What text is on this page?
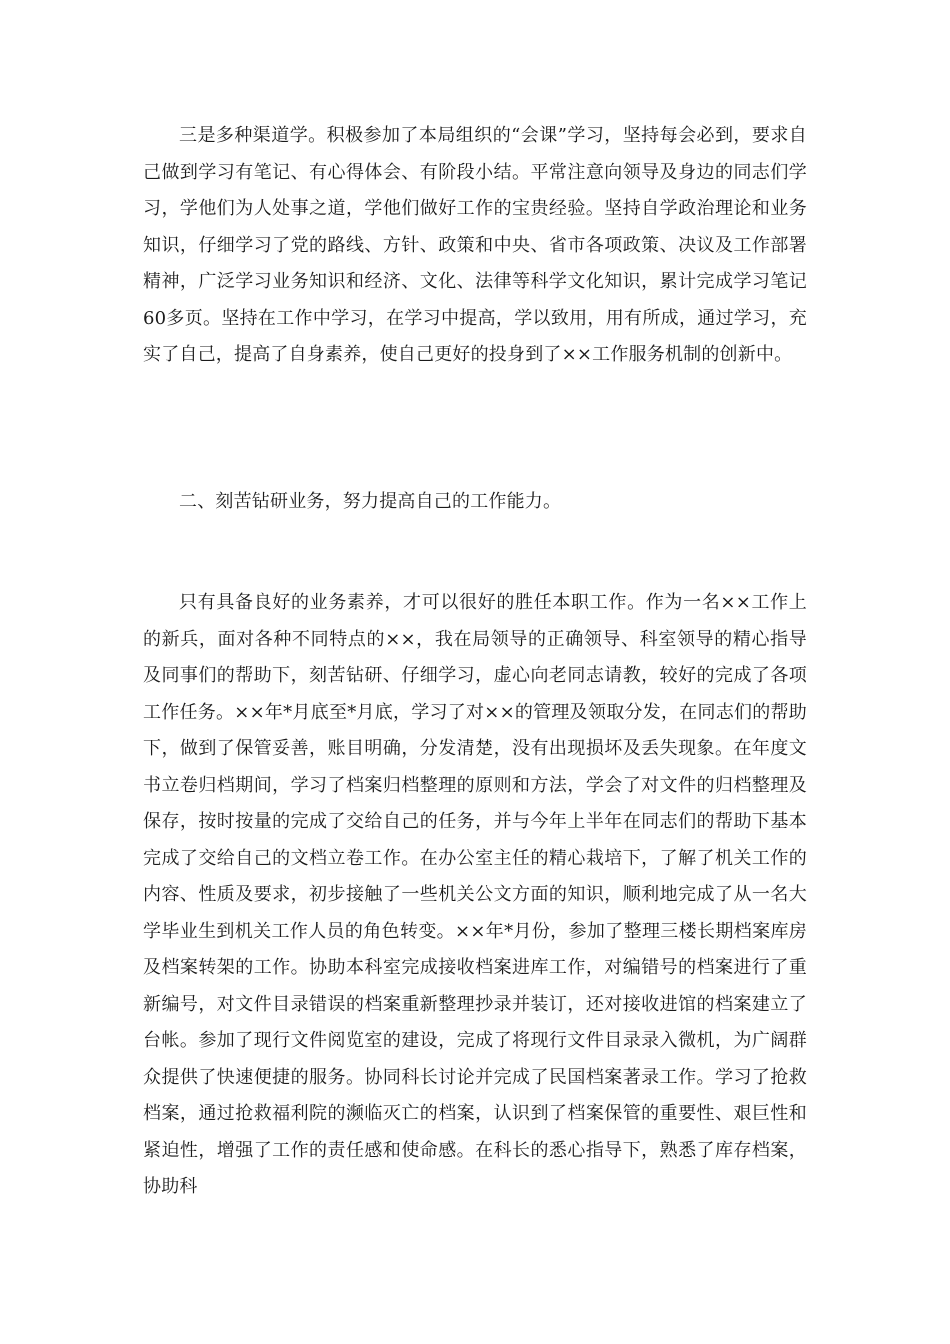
三是多种渠道学。积极参加了本局组织的“会课”学习，坚持每会必到，要求自己做到学习有笔记、有心得体会、有阶段小结。平常注意向领导及身边的同志们学习，学他们为人处事之道，学他们做好工作的宝贵经验。坚持自学政治理论和业务知识，仔细学习了党的路线、方针、政策和中央、省市各项政策、决议及工作部署精神，广泛学习业务知识和经济、文化、法律等科学文化知识，累计完成学习笔记60多页。坚持在工作中学习，在学习中提高，学以致用，用有所成，通过学习，充实了自己，提高了自身素养，使自己更好的投身到了××工作服务机制的创新中。

二、刻苦钻研业务，努力提高自己的工作能力。

只有具备良好的业务素养，才可以很好的胜任本职工作。作为一名××工作上的新兵，面对各种不同特点的××，我在局领导的正确领导、科室领导的精心指导及同事们的帮助下，刻苦钻研、仔细学习，虚心向老同志请教，较好的完成了各项工作任务。××年*月底至*月底，学习了对××的管理及领取分发，在同志们的帮助下，做到了保管妥善，账目明确，分发清楚，没有出现损坏及丢失现象。在年度文书立卷归档期间，学习了档案归档整理的原则和方法，学会了对文件的归档整理及保存，按时按量的完成了交给自己的任务，并与今年上半年在同志们的帮助下基本完成了交给自己的文档立卷工作。在办公室主任的精心栽培下，了解了机关工作的内容、性质及要求，初步接触了一些机关公文方面的知识，顺利地完成了从一名大学毕业生到机关工作人员的角色转变。××年*月份，参加了整理三楼长期档案库房及档案转架的工作。协助本科室完成接收档案进库工作，对编错号的档案进行了重新编号，对文件目录错误的档案重新整理抄录并装订，还对接收进馆的档案建立了台帐。参加了现行文件阅览室的建设，完成了将现行文件目录录入微机，为广阔群众提供了快速便捷的服务。协同科长讨论并完成了民国档案著录工作。学习了抢救档案，通过抢救福利院的濒临灭亡的档案，认识到了档案保管的重要性、艰巨性和紧迫性，增强了工作的责任感和使命感。在科长的悉心指导下，熟悉了库存档案，协助科
